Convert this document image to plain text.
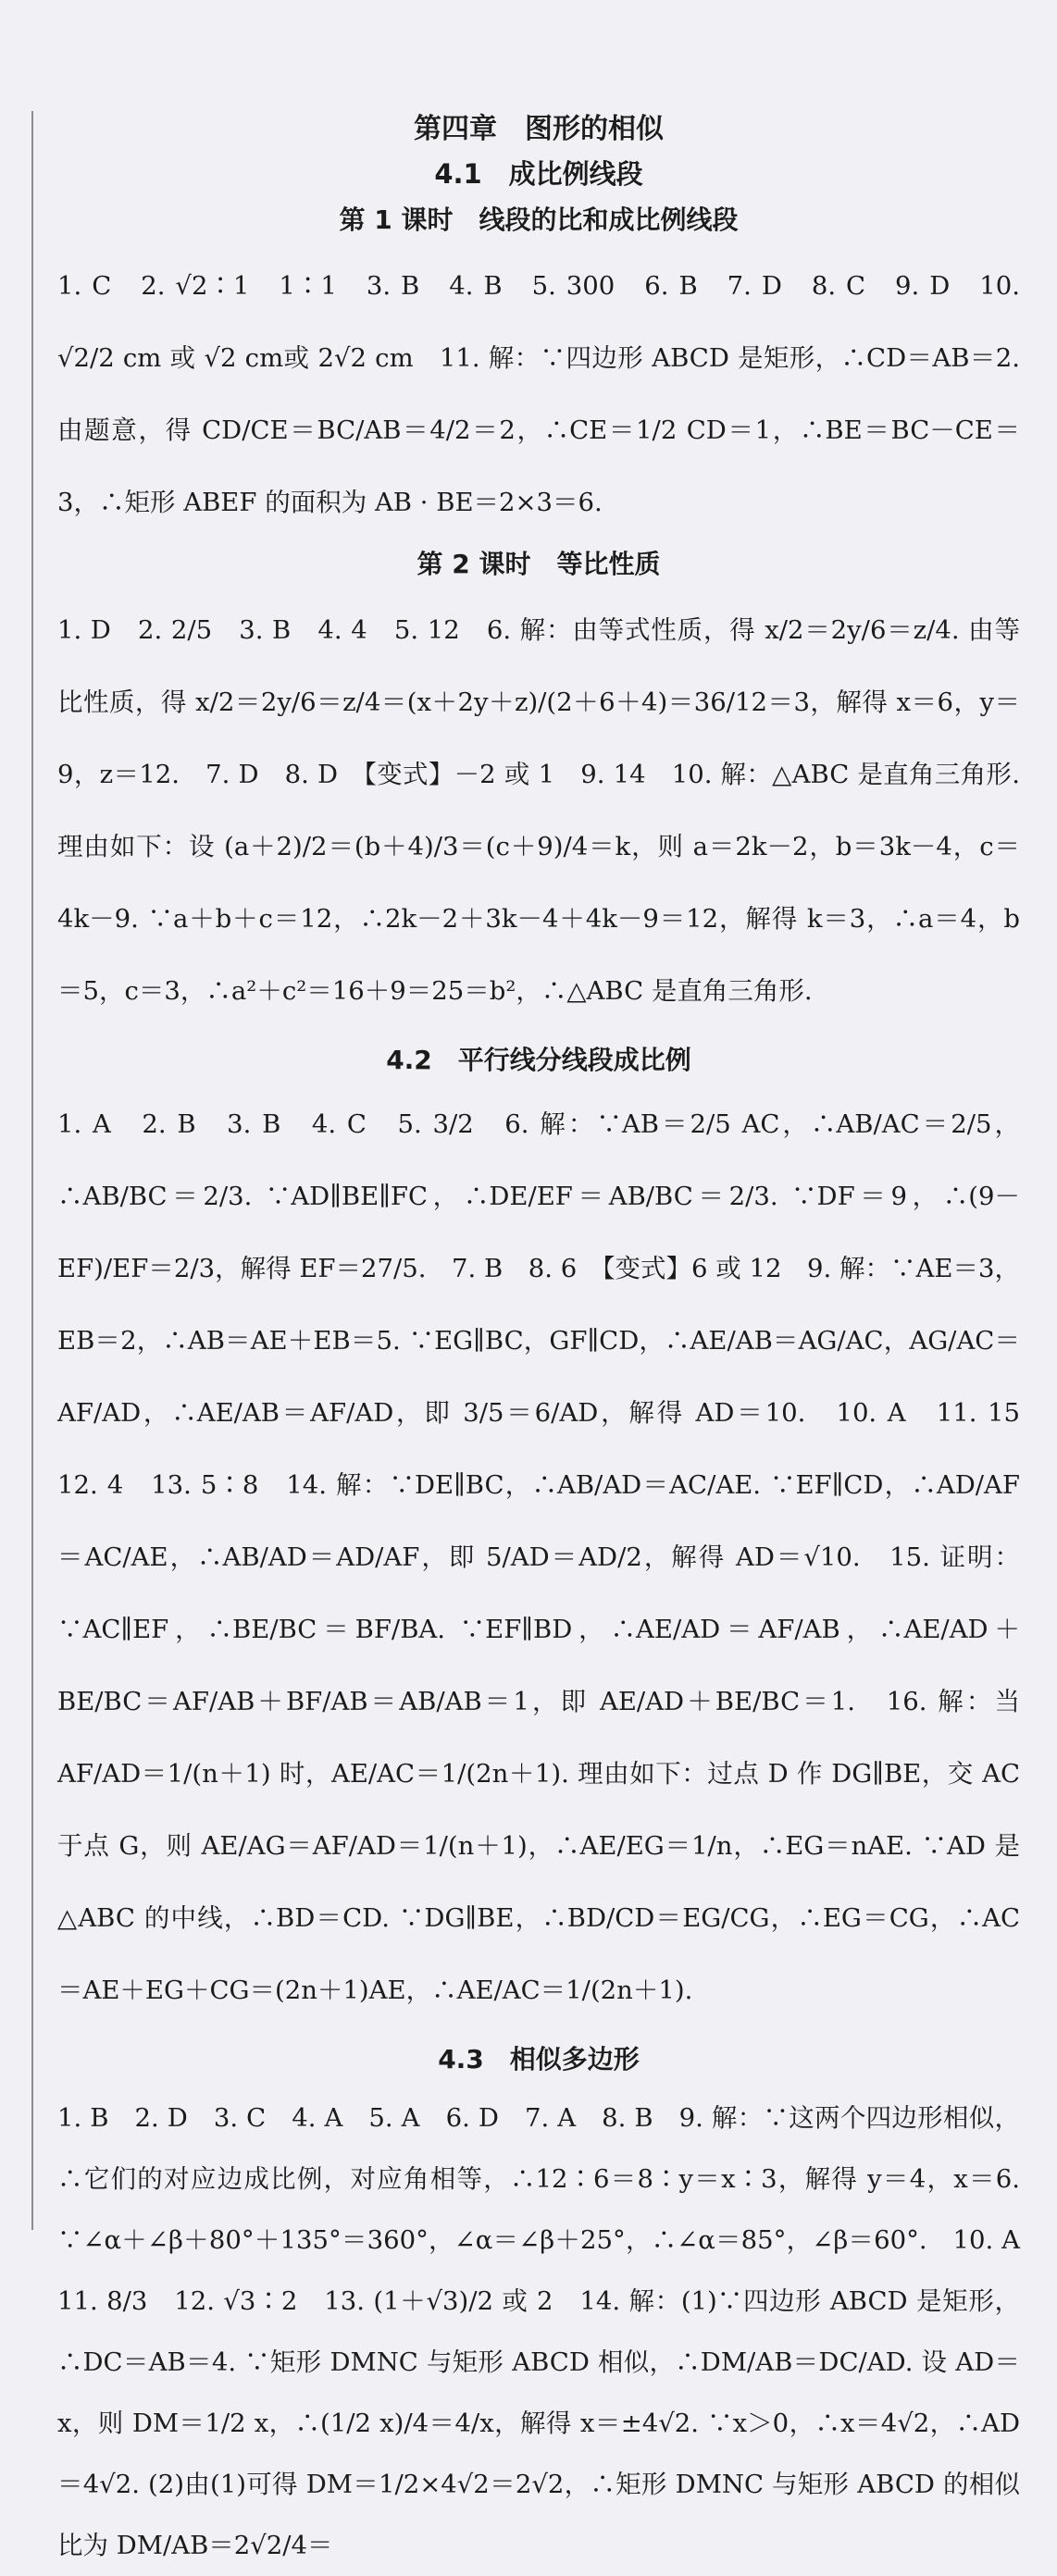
第四章　图形的相似
4.1　成比例线段
第 1 课时　线段的比和成比例线段

1. C　2. √2∶1　1∶1　3. B　4. B　5. 300　6. B　7. D　8. C　9. D　10. √2/2 cm 或 √2 cm或 2√2 cm　11. 解：∵四边形 ABCD 是矩形，∴CD＝AB＝2. 由题意，得 CD/CE＝BC/AB＝4/2＝2，∴CE＝1/2 CD＝1，∴BE＝BC－CE＝3，∴矩形 ABEF 的面积为 AB · BE＝2×3＝6.

第 2 课时　等比性质

1. D　2. 2/5　3. B　4. 4　5. 12　6. 解：由等式性质，得 x/2＝2y/6＝z/4. 由等比性质，得 x/2＝2y/6＝z/4＝(x＋2y＋z)/(2＋6＋4)＝36/12＝3，解得 x＝6，y＝9，z＝12.　7. D　8. D　【变式】－2 或 1　9. 14　10. 解：△ABC 是直角三角形. 理由如下：设 (a＋2)/2＝(b＋4)/3＝(c＋9)/4＝k，则 a＝2k－2，b＝3k－4，c＝4k－9. ∵a＋b＋c＝12，∴2k－2＋3k－4＋4k－9＝12，解得 k＝3，∴a＝4，b＝5，c＝3，∴a²＋c²＝16＋9＝25＝b²，∴△ABC 是直角三角形.

4.2　平行线分线段成比例

1. A　2. B　3. B　4. C　5. 3/2　6. 解：∵AB＝2/5 AC，∴AB/AC＝2/5，∴AB/BC＝2/3. ∵AD∥BE∥FC，∴DE/EF＝AB/BC＝2/3. ∵DF＝9，∴(9－EF)/EF＝2/3，解得 EF＝27/5.　7. B　8. 6　【变式】6 或 12　9. 解：∵AE＝3，EB＝2，∴AB＝AE＋EB＝5. ∵EG∥BC，GF∥CD，∴AE/AB＝AG/AC，AG/AC＝AF/AD，∴AE/AB＝AF/AD，即 3/5＝6/AD，解得 AD＝10.　10. A　11. 15　12. 4　13. 5∶8　14. 解：∵DE∥BC，∴AB/AD＝AC/AE. ∵EF∥CD，∴AD/AF＝AC/AE，∴AB/AD＝AD/AF，即 5/AD＝AD/2，解得 AD＝√10.　15. 证明：∵AC∥EF，∴BE/BC＝BF/BA. ∵EF∥BD，∴AE/AD＝AF/AB，∴AE/AD＋BE/BC＝AF/AB＋BF/AB＝AB/AB＝1，即 AE/AD＋BE/BC＝1.　16. 解：当 AF/AD＝1/(n＋1) 时，AE/AC＝1/(2n＋1). 理由如下：过点 D 作 DG∥BE，交 AC 于点 G，则 AE/AG＝AF/AD＝1/(n＋1)，∴AE/EG＝1/n，∴EG＝nAE. ∵AD 是△ABC 的中线，∴BD＝CD. ∵DG∥BE，∴BD/CD＝EG/CG，∴EG＝CG，∴AC＝AE＋EG＋CG＝(2n＋1)AE，∴AE/AC＝1/(2n＋1).

4.3　相似多边形

1. B　2. D　3. C　4. A　5. A　6. D　7. A　8. B　9. 解：∵这两个四边形相似，∴它们的对应边成比例，对应角相等，∴12∶6＝8∶y＝x∶3，解得 y＝4，x＝6. ∵∠α＋∠β＋80°＋135°＝360°，∠α＝∠β＋25°，∴∠α＝85°，∠β＝60°.　10. A　11. 8/3　12. √3∶2　13. (1＋√3)/2 或 2　14. 解：(1)∵四边形 ABCD 是矩形，∴DC＝AB＝4. ∵矩形 DMNC 与矩形 ABCD 相似，∴DM/AB＝DC/AD. 设 AD＝x，则 DM＝1/2 x，∴(1/2 x)/4＝4/x，解得 x＝±4√2. ∵x＞0，∴x＝4√2，∴AD＝4√2. (2)由(1)可得 DM＝1/2×4√2＝2√2，∴矩形 DMNC 与矩形 ABCD 的相似比为 DM/AB＝2√2/4＝
